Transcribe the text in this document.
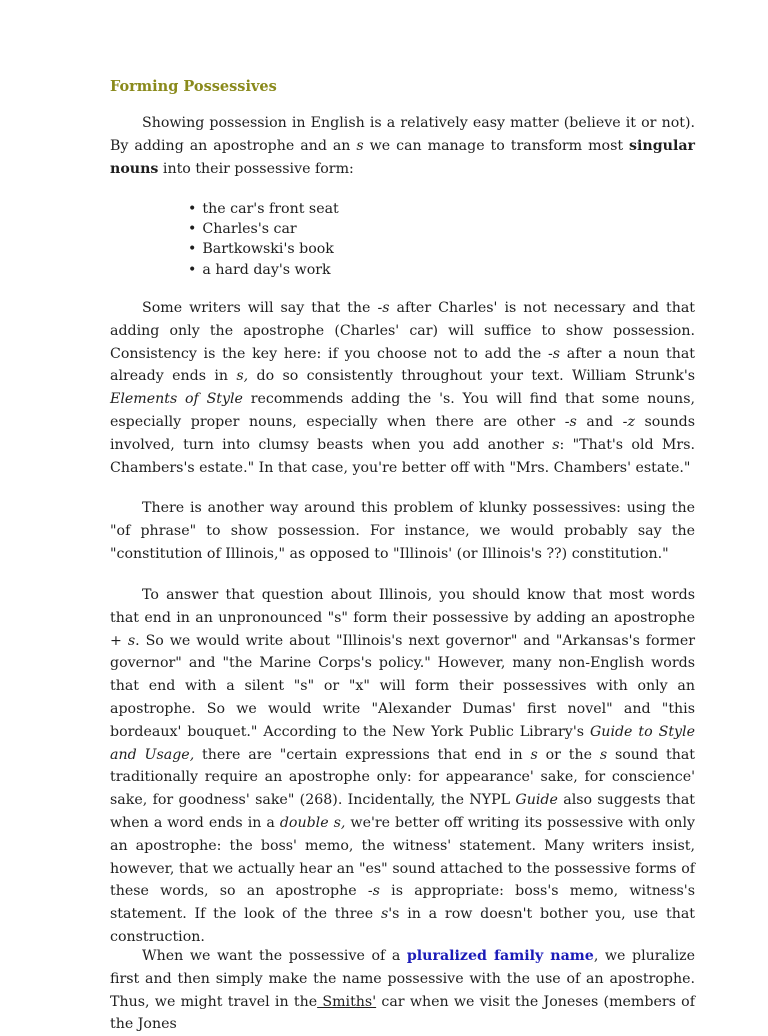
Forming Possessives

Showing possession in English is a relatively easy matter (believe it or not). By adding an apostrophe and an s we can manage to transform most singular nouns into their possessive form:

• the car's front seat
• Charles's car
• Bartkowski's book
• a hard day's work

Some writers will say that the -s after Charles' is not necessary and that adding only the apostrophe (Charles' car) will suffice to show possession. Consistency is the key here: if you choose not to add the -s after a noun that already ends in s, do so consistently throughout your text. William Strunk's Elements of Style recommends adding the 's. You will find that some nouns, especially proper nouns, especially when there are other -s and -z sounds involved, turn into clumsy beasts when you add another s: "That's old Mrs. Chambers's estate." In that case, you're better off with "Mrs. Chambers' estate."

There is another way around this problem of klunky possessives: using the "of phrase" to show possession. For instance, we would probably say the "constitution of Illinois," as opposed to "Illinois' (or Illinois's ??) constitution."

To answer that question about Illinois, you should know that most words that end in an unpronounced "s" form their possessive by adding an apostrophe + s. So we would write about "Illinois's next governor" and "Arkansas's former governor" and "the Marine Corps's policy." However, many non-English words that end with a silent "s" or "x" will form their possessives with only an apostrophe. So we would write "Alexander Dumas' first novel" and "this bordeaux' bouquet." According to the New York Public Library's Guide to Style and Usage, there are "certain expressions that end in s or the s sound that traditionally require an apostrophe only: for appearance' sake, for conscience' sake, for goodness' sake" (268). Incidentally, the NYPL Guide also suggests that when a word ends in a double s, we're better off writing its possessive with only an apostrophe: the boss' memo, the witness' statement. Many writers insist, however, that we actually hear an "es" sound attached to the possessive forms of these words, so an apostrophe -s is appropriate: boss's memo, witness's statement. If the look of the three s's in a row doesn't bother you, use that construction.

When we want the possessive of a pluralized family name, we pluralize first and then simply make the name possessive with the use of an apostrophe. Thus, we might travel in the Smiths' car when we visit the Joneses (members of the Jones
